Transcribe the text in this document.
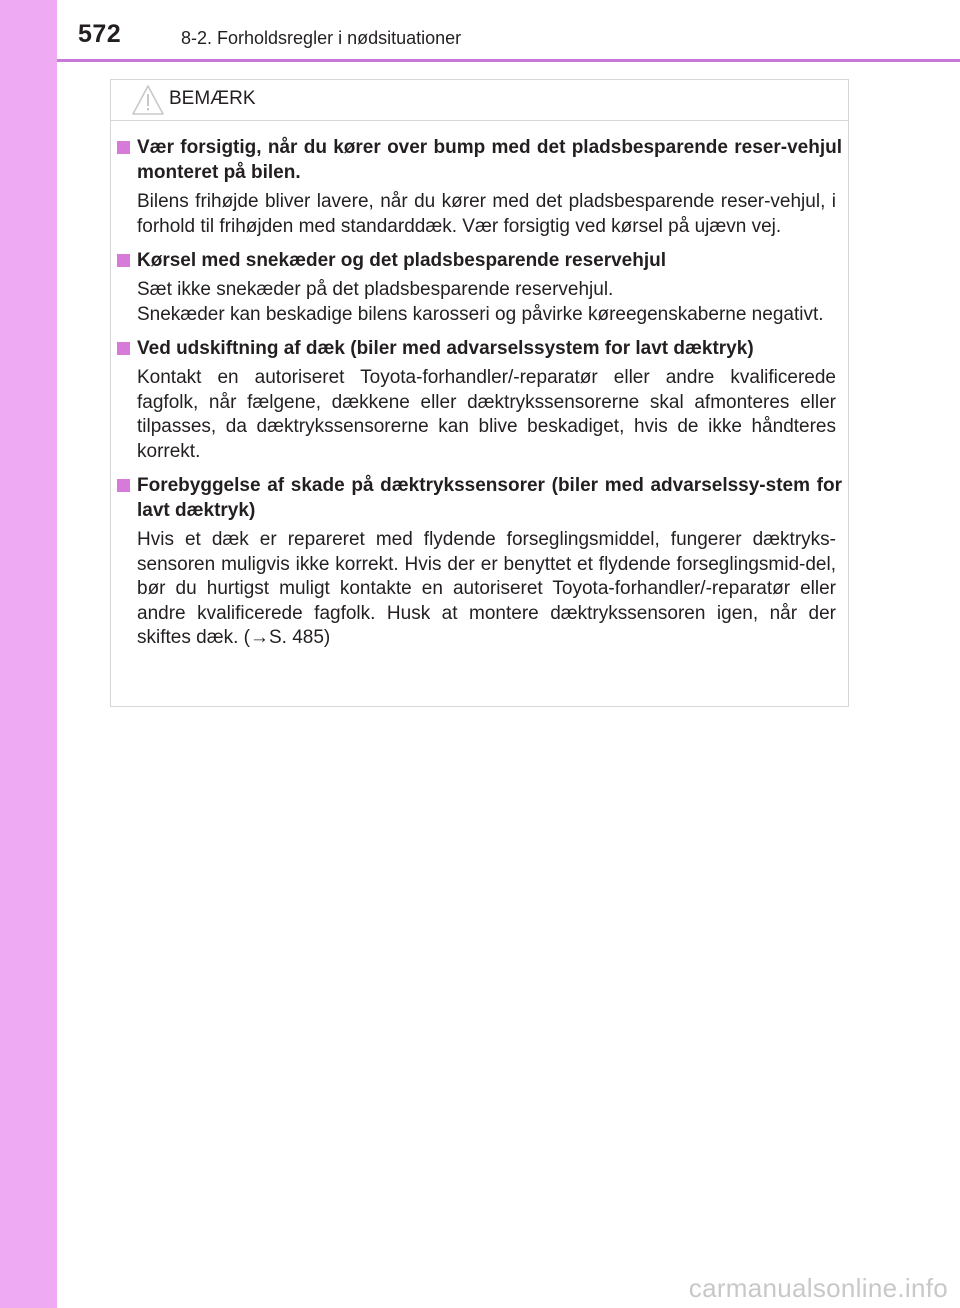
572	8-2. Forholdsregler i nødsituationer
BEMÆRK
Vær forsigtig, når du kører over bump med det pladsbesparende reser-vehjul monteret på bilen.

Bilens frihøjde bliver lavere, når du kører med det pladsbesparende reser-vehjul, i forhold til frihøjden med standarddæk. Vær forsigtig ved kørsel på ujævn vej.

Kørsel med snekæder og det pladsbesparende reservehjul

Sæt ikke snekæder på det pladsbesparende reservehjul.

Snekæder kan beskadige bilens karosseri og påvirke køreegenskaberne negativt.

Ved udskiftning af dæk (biler med advarselssystem for lavt dæktryk)

Kontakt en autoriseret Toyota-forhandler/-reparatør eller andre kvalificerede fagfolk, når fælgene, dækkene eller dæktrykssensorerne skal afmonteres eller tilpasses, da dæktrykssensorerne kan blive beskadiget, hvis de ikke håndteres korrekt.

Forebyggelse af skade på dæktrykssensorer (biler med advarselssy-stem for lavt dæktryk)

Hvis et dæk er repareret med flydende forseglingsmiddel, fungerer dæktryks-sensoren muligvis ikke korrekt. Hvis der er benyttet et flydende forseglingsmid-del, bør du hurtigst muligt kontakte en autoriseret Toyota-forhandler/-reparatør eller andre kvalificerede fagfolk. Husk at montere dæktrykssensoren igen, når der skiftes dæk. (→S. 485)

carmanualsonline.info
